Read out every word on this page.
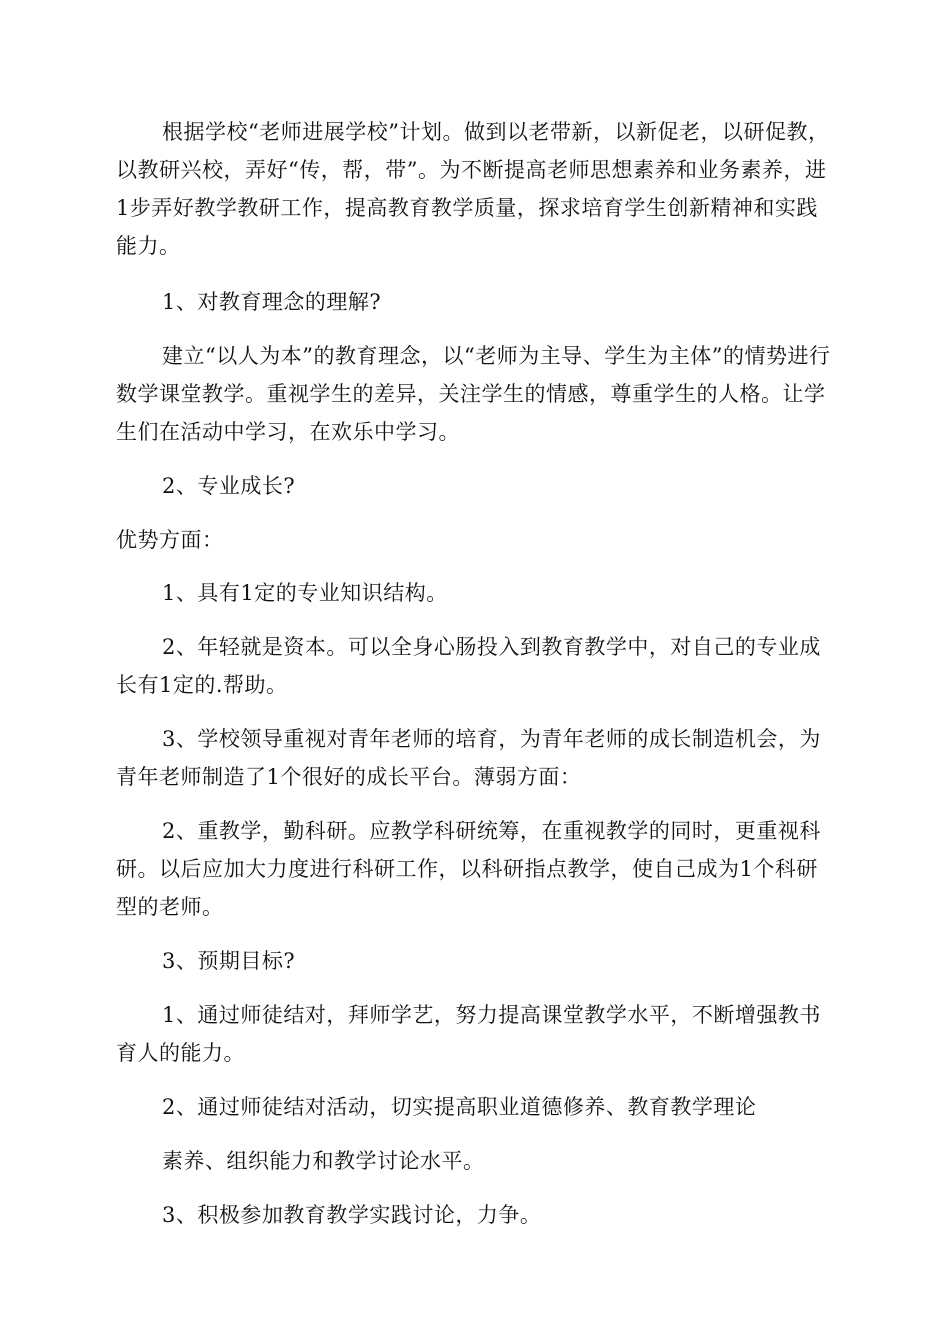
根据学校“老师进展学校”计划。做到以老带新，以新促老，以研促教，以教研兴校，弄好“传，帮，带”。为不断提高老师思想素养和业务素养，进1步弄好教学教研工作，提高教育教学质量，探求培育学生创新精神和实践能力。

1、对教育理念的理解?

建立“以人为本”的教育理念，以“老师为主导、学生为主体”的情势进行数学课堂教学。重视学生的差异，关注学生的情感，尊重学生的人格。让学生们在活动中学习，在欢乐中学习。

2、专业成长?

优势方面：

1、具有1定的专业知识结构。

2、年轻就是资本。可以全身心肠投入到教育教学中，对自己的专业成长有1定的.帮助。

3、学校领导重视对青年老师的培育，为青年老师的成长制造机会，为青年老师制造了1个很好的成长平台。薄弱方面：

2、重教学，勤科研。应教学科研统筹，在重视教学的同时，更重视科研。以后应加大力度进行科研工作，以科研指点教学，使自己成为1个科研型的老师。

3、预期目标?

1、通过师徒结对，拜师学艺，努力提高课堂教学水平，不断增强教书育人的能力。

2、通过师徒结对活动，切实提高职业道德修养、教育教学理论

素养、组织能力和教学讨论水平。

3、积极参加教育教学实践讨论，力争。
